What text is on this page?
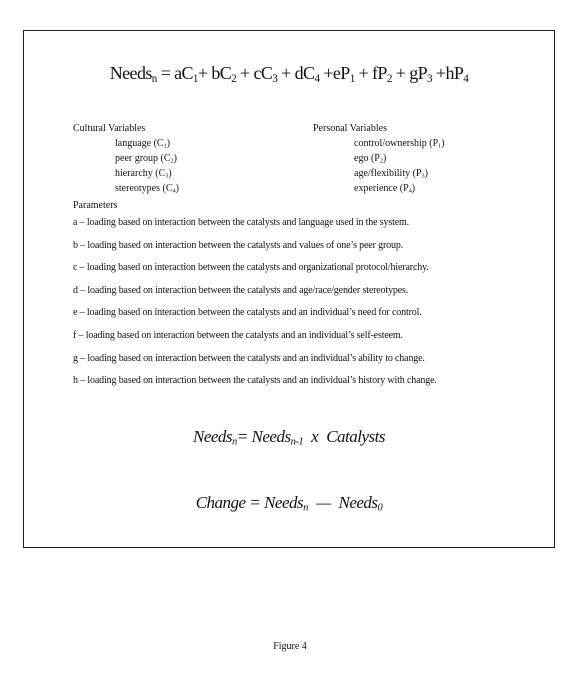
Needs$_n$ = $aC_1+ bC_2 + cC_3 + dC_4 +eP_1 + fP_2 + gP_3 +hP_4$
Cultural Variables
language $(C_1)$
peer group $(C_2)$
hierarchy $(C_3)$
stereotypes $(C_4)$
Personal Variables
control/ownership $(P_1)$
ego $(P_2)$
age/flexibility $(P_3)$
experience $(P_4)$
Parameters
a – loading based on interaction between the catalysts and language used in the system.
b – loading based on interaction between the catalysts and values of one’s peer group.
c – loading based on interaction between the catalysts and organizational protocol/hierarchy.
d – loading based on interaction between the catalysts and age/race/gender stereotypes.
e – loading based on interaction between the catalysts and an individual’s need for control.
f – loading based on interaction between the catalysts and an individual’s self-esteem.
g – loading based on interaction between the catalysts and an individual’s ability to change.
h – loading based on interaction between the catalysts and an individual’s history with change.
Needs$_n$= Needs$_{n-1}$ x Catalysts
Change = Needs$_n$ — Needs$_0$
Figure 4
